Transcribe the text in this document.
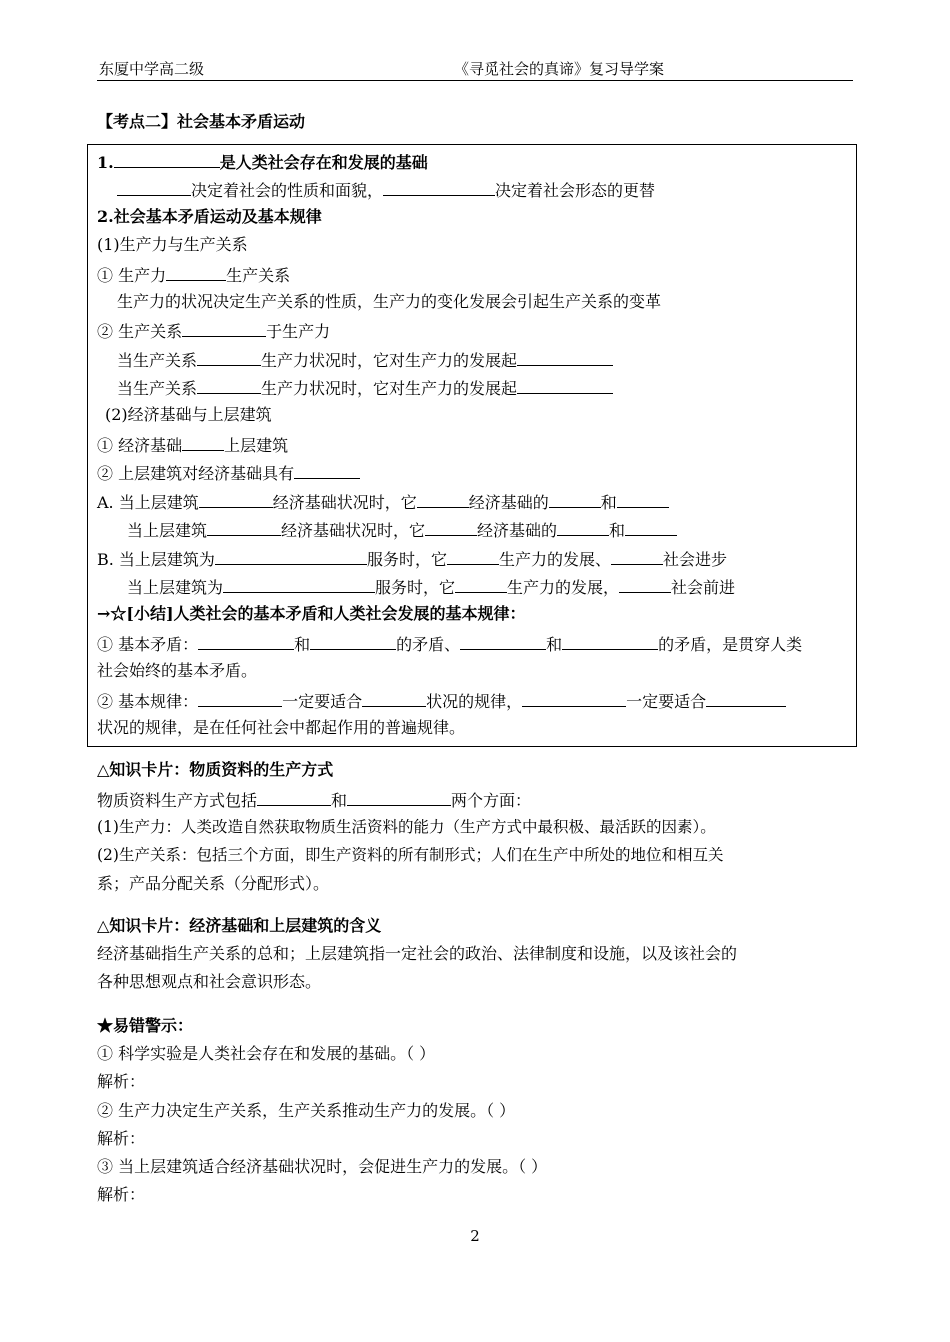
东厦中学高二级	《寻觅社会的真谛》复习导学案
【考点二】社会基本矛盾运动
1.	是人类社会存在和发展的基础
决定着社会的性质和面貌，	决定着社会形态的更替
2.社会基本矛盾运动及基本规律
(1)生产力与生产关系
① 生产力	生产关系
生产力的状况决定生产关系的性质，生产力的变化发展会引起生产关系的变革
② 生产关系	于生产力
当生产关系	生产力状况时，它对生产力的发展起
当生产关系	生产力状况时，它对生产力的发展起
(2)经济基础与上层建筑
① 经济基础	上层建筑
② 上层建筑对经济基础具有
A. 当上层建筑	经济基础状况时，它	经济基础的	和
当上层建筑	经济基础状况时，它	经济基础的	和
B. 当上层建筑为	服务时，它	生产力的发展、	社会进步
当上层建筑为	服务时，它	生产力的发展，	社会前进
→☆[小结]人类社会的基本矛盾和人类社会发展的基本规律：
① 基本矛盾：	和	的矛盾、	和	的矛盾，是贯穿人类
社会始终的基本矛盾。
② 基本规律：	一定要适合	状况的规律，	一定要适合
状况的规律，是在任何社会中都起作用的普遍规律。
△知识卡片：物质资料的生产方式
物质资料生产方式包括	和	两个方面：
(1)生产力：人类改造自然获取物质生活资料的能力（生产方式中最积极、最活跃的因素）。
(2)生产关系：包括三个方面，即生产资料的所有制形式；人们在生产中所处的地位和相互关
系；产品分配关系（分配形式）。
△知识卡片：经济基础和上层建筑的含义
经济基础指生产关系的总和；上层建筑指一定社会的政治、法律制度和设施，以及该社会的
各种思想观点和社会意识形态。
★易错警示：
① 科学实验是人类社会存在和发展的基础。（ ）
解析：
② 生产力决定生产关系，生产关系推动生产力的发展。（ ）
解析：
③ 当上层建筑适合经济基础状况时，会促进生产力的发展。（ ）
解析：
2
